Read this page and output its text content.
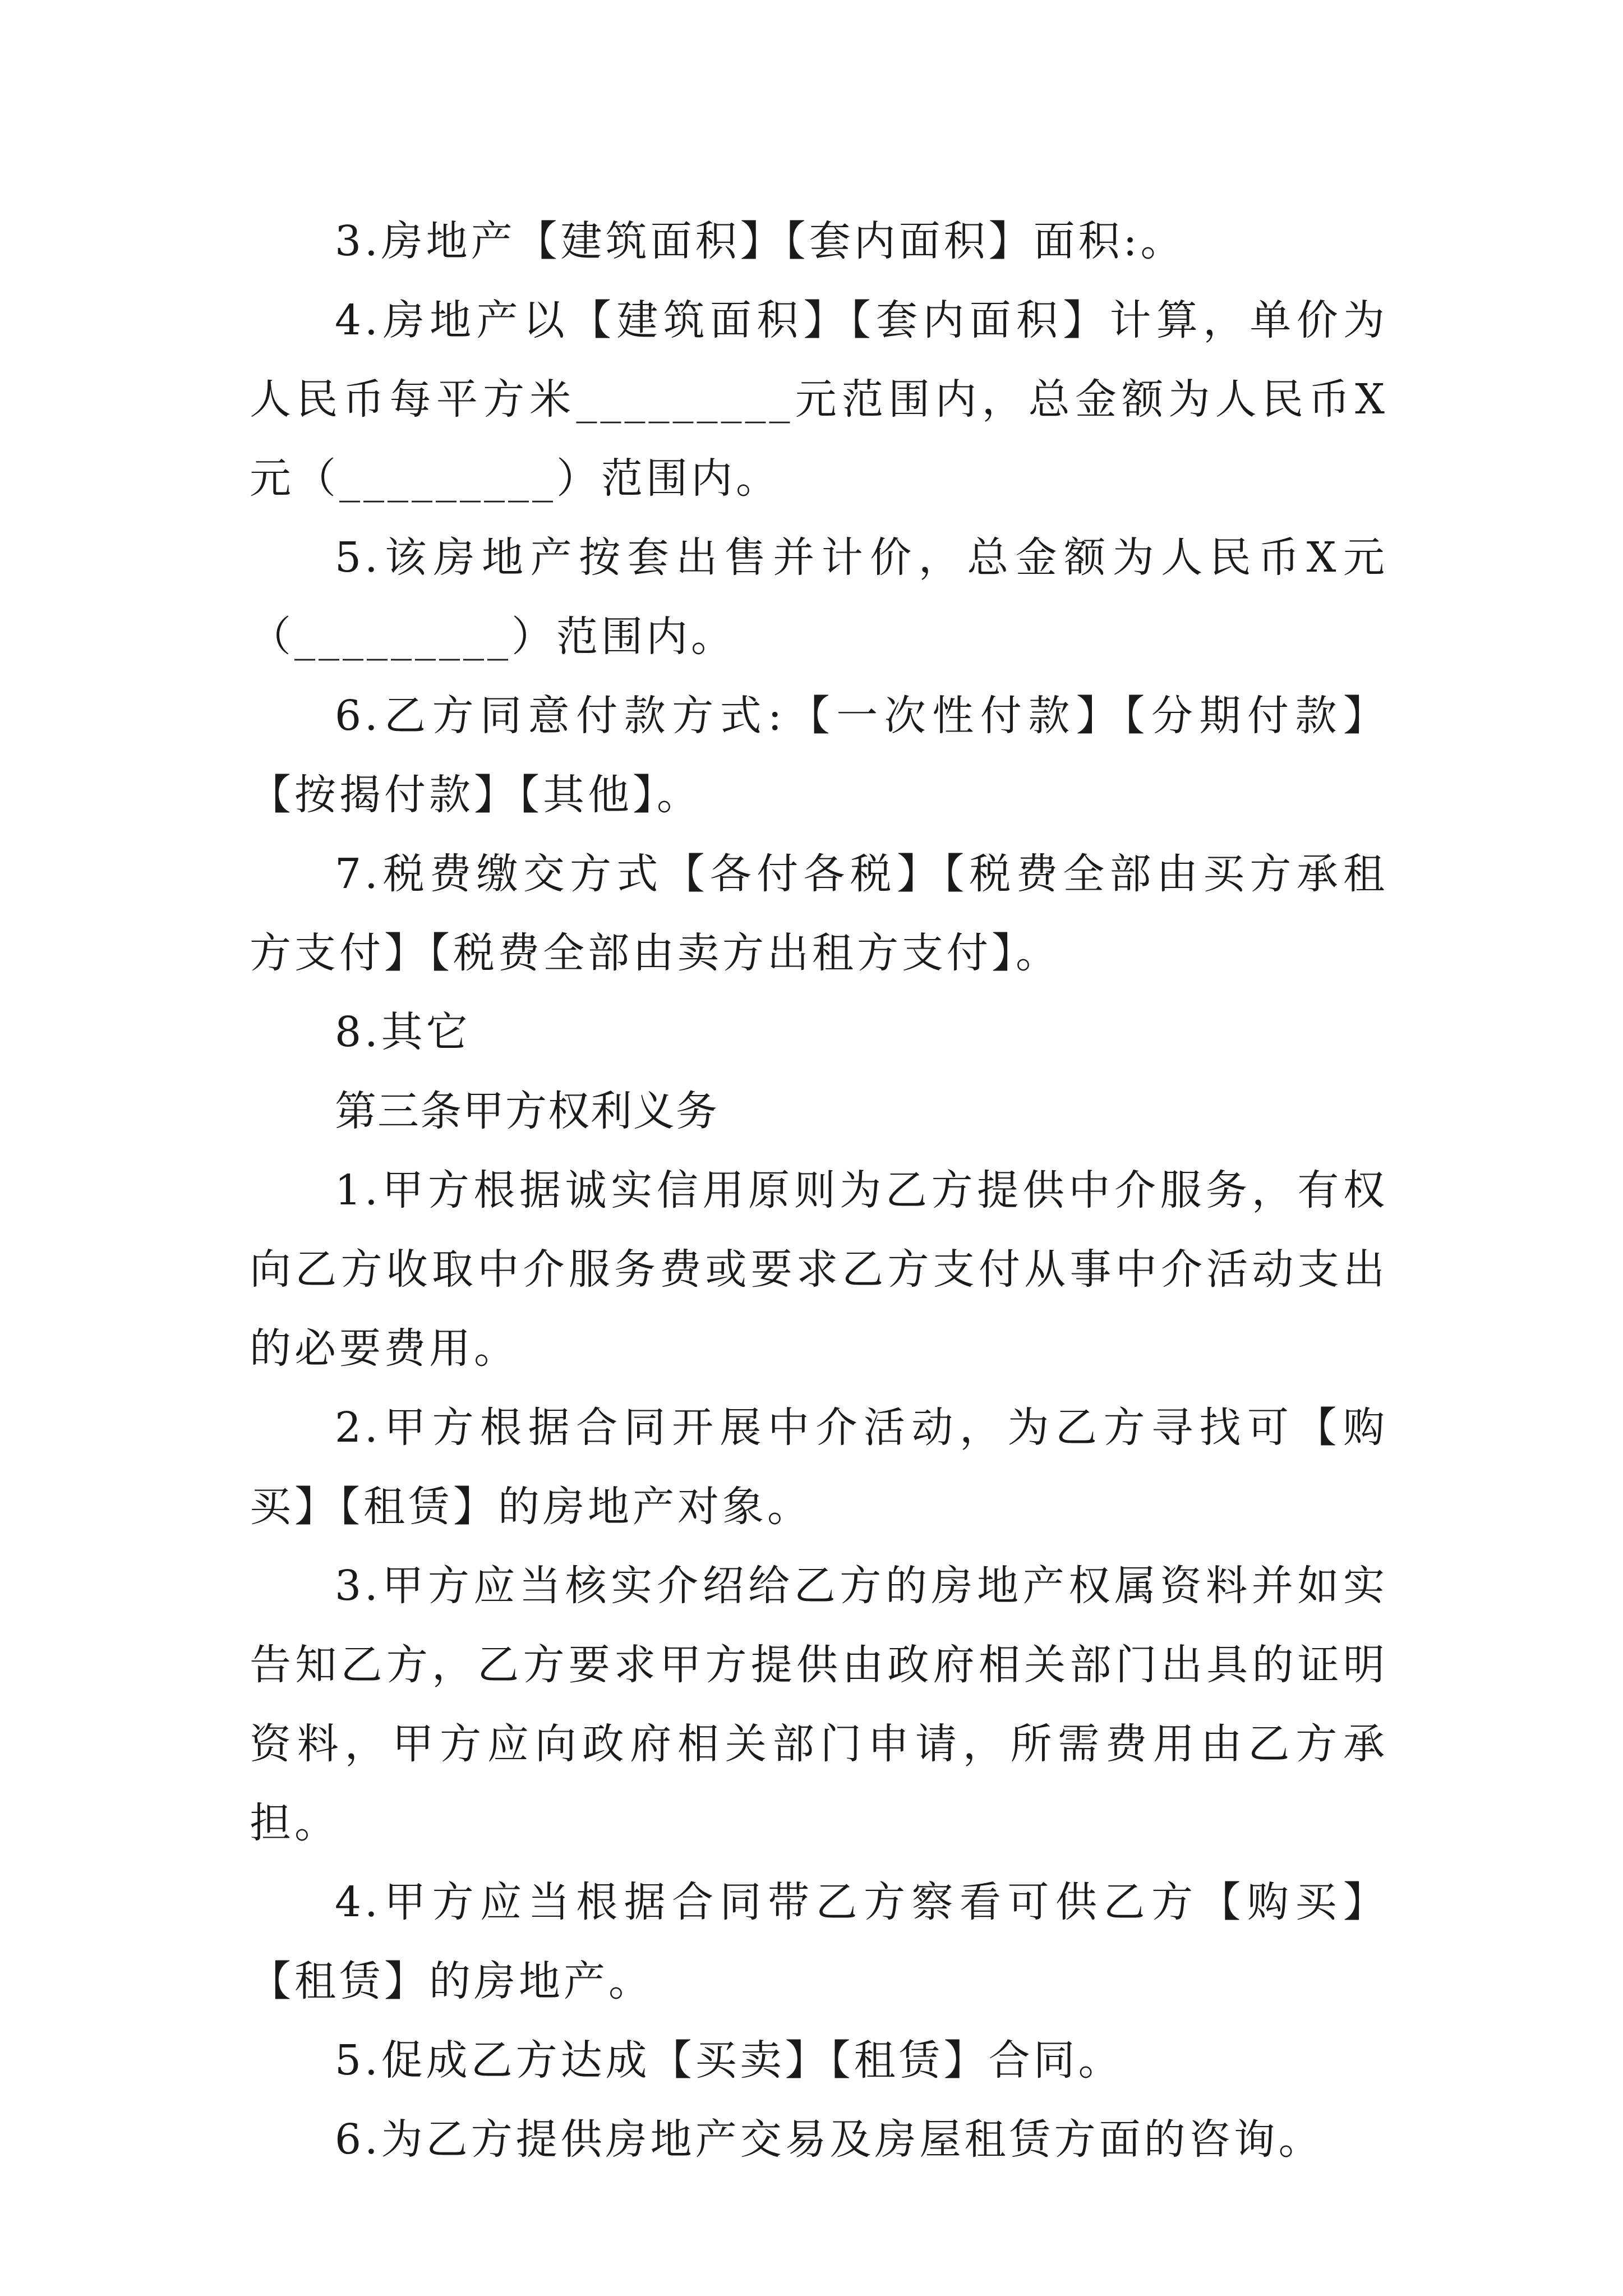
3.房地产【建筑面积】【套内面积】面积:。

4.房地产以【建筑面积】【套内面积】计算，单价为人民币每平方米_________元范围内，总金额为人民币X元（_________）范围内。

5.该房地产按套出售并计价，总金额为人民币X元（_________）范围内。

6.乙方同意付款方式:【一次性付款】【分期付款】【按揭付款】【其他】。

7.税费缴交方式【各付各税】【税费全部由买方承租方支付】【税费全部由卖方出租方支付】。

8.其它

第三条甲方权利义务

1.甲方根据诚实信用原则为乙方提供中介服务，有权向乙方收取中介服务费或要求乙方支付从事中介活动支出的必要费用。

2.甲方根据合同开展中介活动，为乙方寻找可【购买】【租赁】的房地产对象。

3.甲方应当核实介绍给乙方的房地产权属资料并如实告知乙方，乙方要求甲方提供由政府相关部门出具的证明资料，甲方应向政府相关部门申请，所需费用由乙方承担。

4.甲方应当根据合同带乙方察看可供乙方【购买】【租赁】的房地产。

5.促成乙方达成【买卖】【租赁】合同。

6.为乙方提供房地产交易及房屋租赁方面的咨询。
